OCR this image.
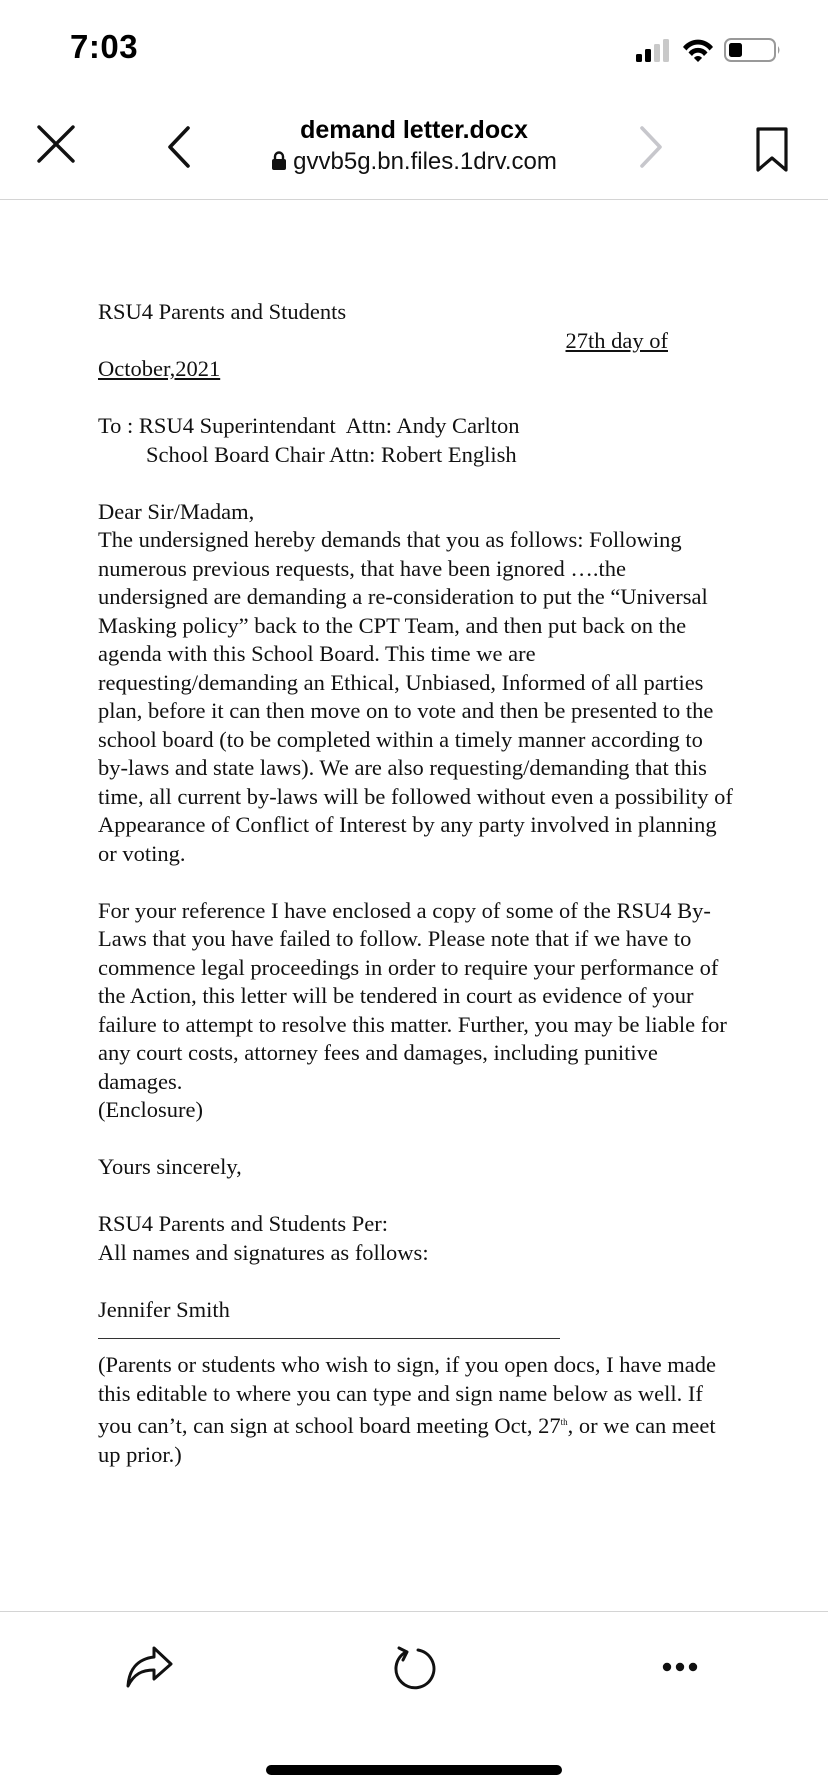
7:03
demand letter.docx
gvvb5g.bn.files.1drv.com

RSU4 Parents and Students

27th day of

October,2021

To : RSU4 Superintendant  Attn: Andy Carlton

School Board Chair Attn: Robert English

Dear Sir/Madam,

The undersigned hereby demands that you as follows: Following numerous previous requests, that have been ignored ….the undersigned are demanding a re-consideration to put the “Universal Masking policy” back to the CPT Team, and then put back on the agenda with this School Board. This time we are requesting/demanding an Ethical, Unbiased, Informed of all parties plan, before it can then move on to vote and then be presented to the school board (to be completed within a timely manner according to by-laws and state laws). We are also requesting/demanding that this time, all current by-laws will be followed without even a possibility of Appearance of Conflict of Interest by any party involved in planning or voting.

For your reference I have enclosed a copy of some of the RSU4 By-Laws that you have failed to follow. Please note that if we have to commence legal proceedings in order to require your performance of the Action, this letter will be tendered in court as evidence of your failure to attempt to resolve this matter. Further, you may be liable for any court costs, attorney fees and damages, including punitive damages.

(Enclosure)

Yours sincerely,

RSU4 Parents and Students Per:

All names and signatures as follows:

Jennifer Smith

(Parents or students who wish to sign, if you open docs, I have made this editable to where you can type and sign name below as well. If you can’t, can sign at school board meeting Oct, 27th, or we can meet up prior.)
